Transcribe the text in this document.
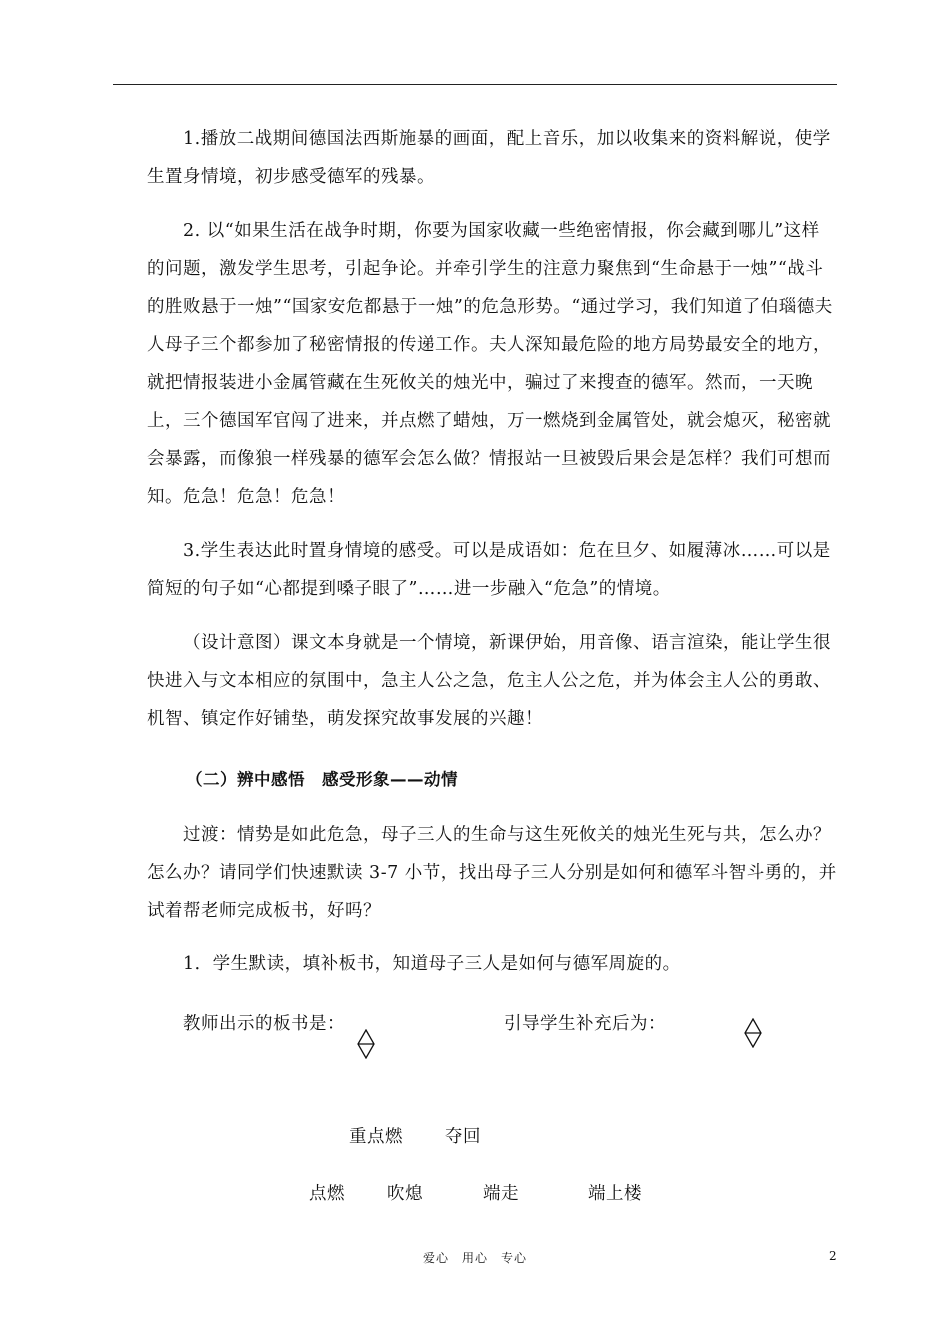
1.播放二战期间德国法西斯施暴的画面，配上音乐，加以收集来的资料解说，使学生置身情境，初步感受德军的残暴。

2. 以“如果生活在战争时期，你要为国家收藏一些绝密情报，你会藏到哪儿”这样的问题，激发学生思考，引起争论。并牵引学生的注意力聚焦到“生命悬于一烛”“战斗的胜败悬于一烛”“国家安危都悬于一烛”的危急形势。“通过学习，我们知道了伯瑙德夫人母子三个都参加了秘密情报的传递工作。夫人深知最危险的地方局势最安全的地方，就把情报装进小金属管藏在生死攸关的烛光中，骗过了来搜查的德军。然而，一天晚上，三个德国军官闯了进来，并点燃了蜡烛，万一燃烧到金属管处，就会熄灭，秘密就会暴露，而像狼一样残暴的德军会怎么做？情报站一旦被毁后果会是怎样？我们可想而知。危急！危急！危急！

3.学生表达此时置身情境的感受。可以是成语如：危在旦夕、如履薄冰……可以是简短的句子如“心都提到嗓子眼了”……进一步融入“危急”的情境。

（设计意图）课文本身就是一个情境，新课伊始，用音像、语言渲染，能让学生很快进入与文本相应的氛围中，急主人公之急，危主人公之危，并为体会主人公的勇敢、机智、镇定作好铺垫，萌发探究故事发展的兴趣！

（二）辨中感悟　感受形象——动情

过渡：情势是如此危急，母子三人的生命与这生死攸关的烛光生死与共，怎么办？怎么办？请同学们快速默读 3-7 小节，找出母子三人分别是如何和德军斗智斗勇的，并试着帮老师完成板书，好吗？

1．学生默读，填补板书，知道母子三人是如何与德军周旋的。

教师出示的板书是：	引导学生补充后为：
重点燃 夺回
点燃 吹熄	端走	端上楼
爱心　用心　专心	2
